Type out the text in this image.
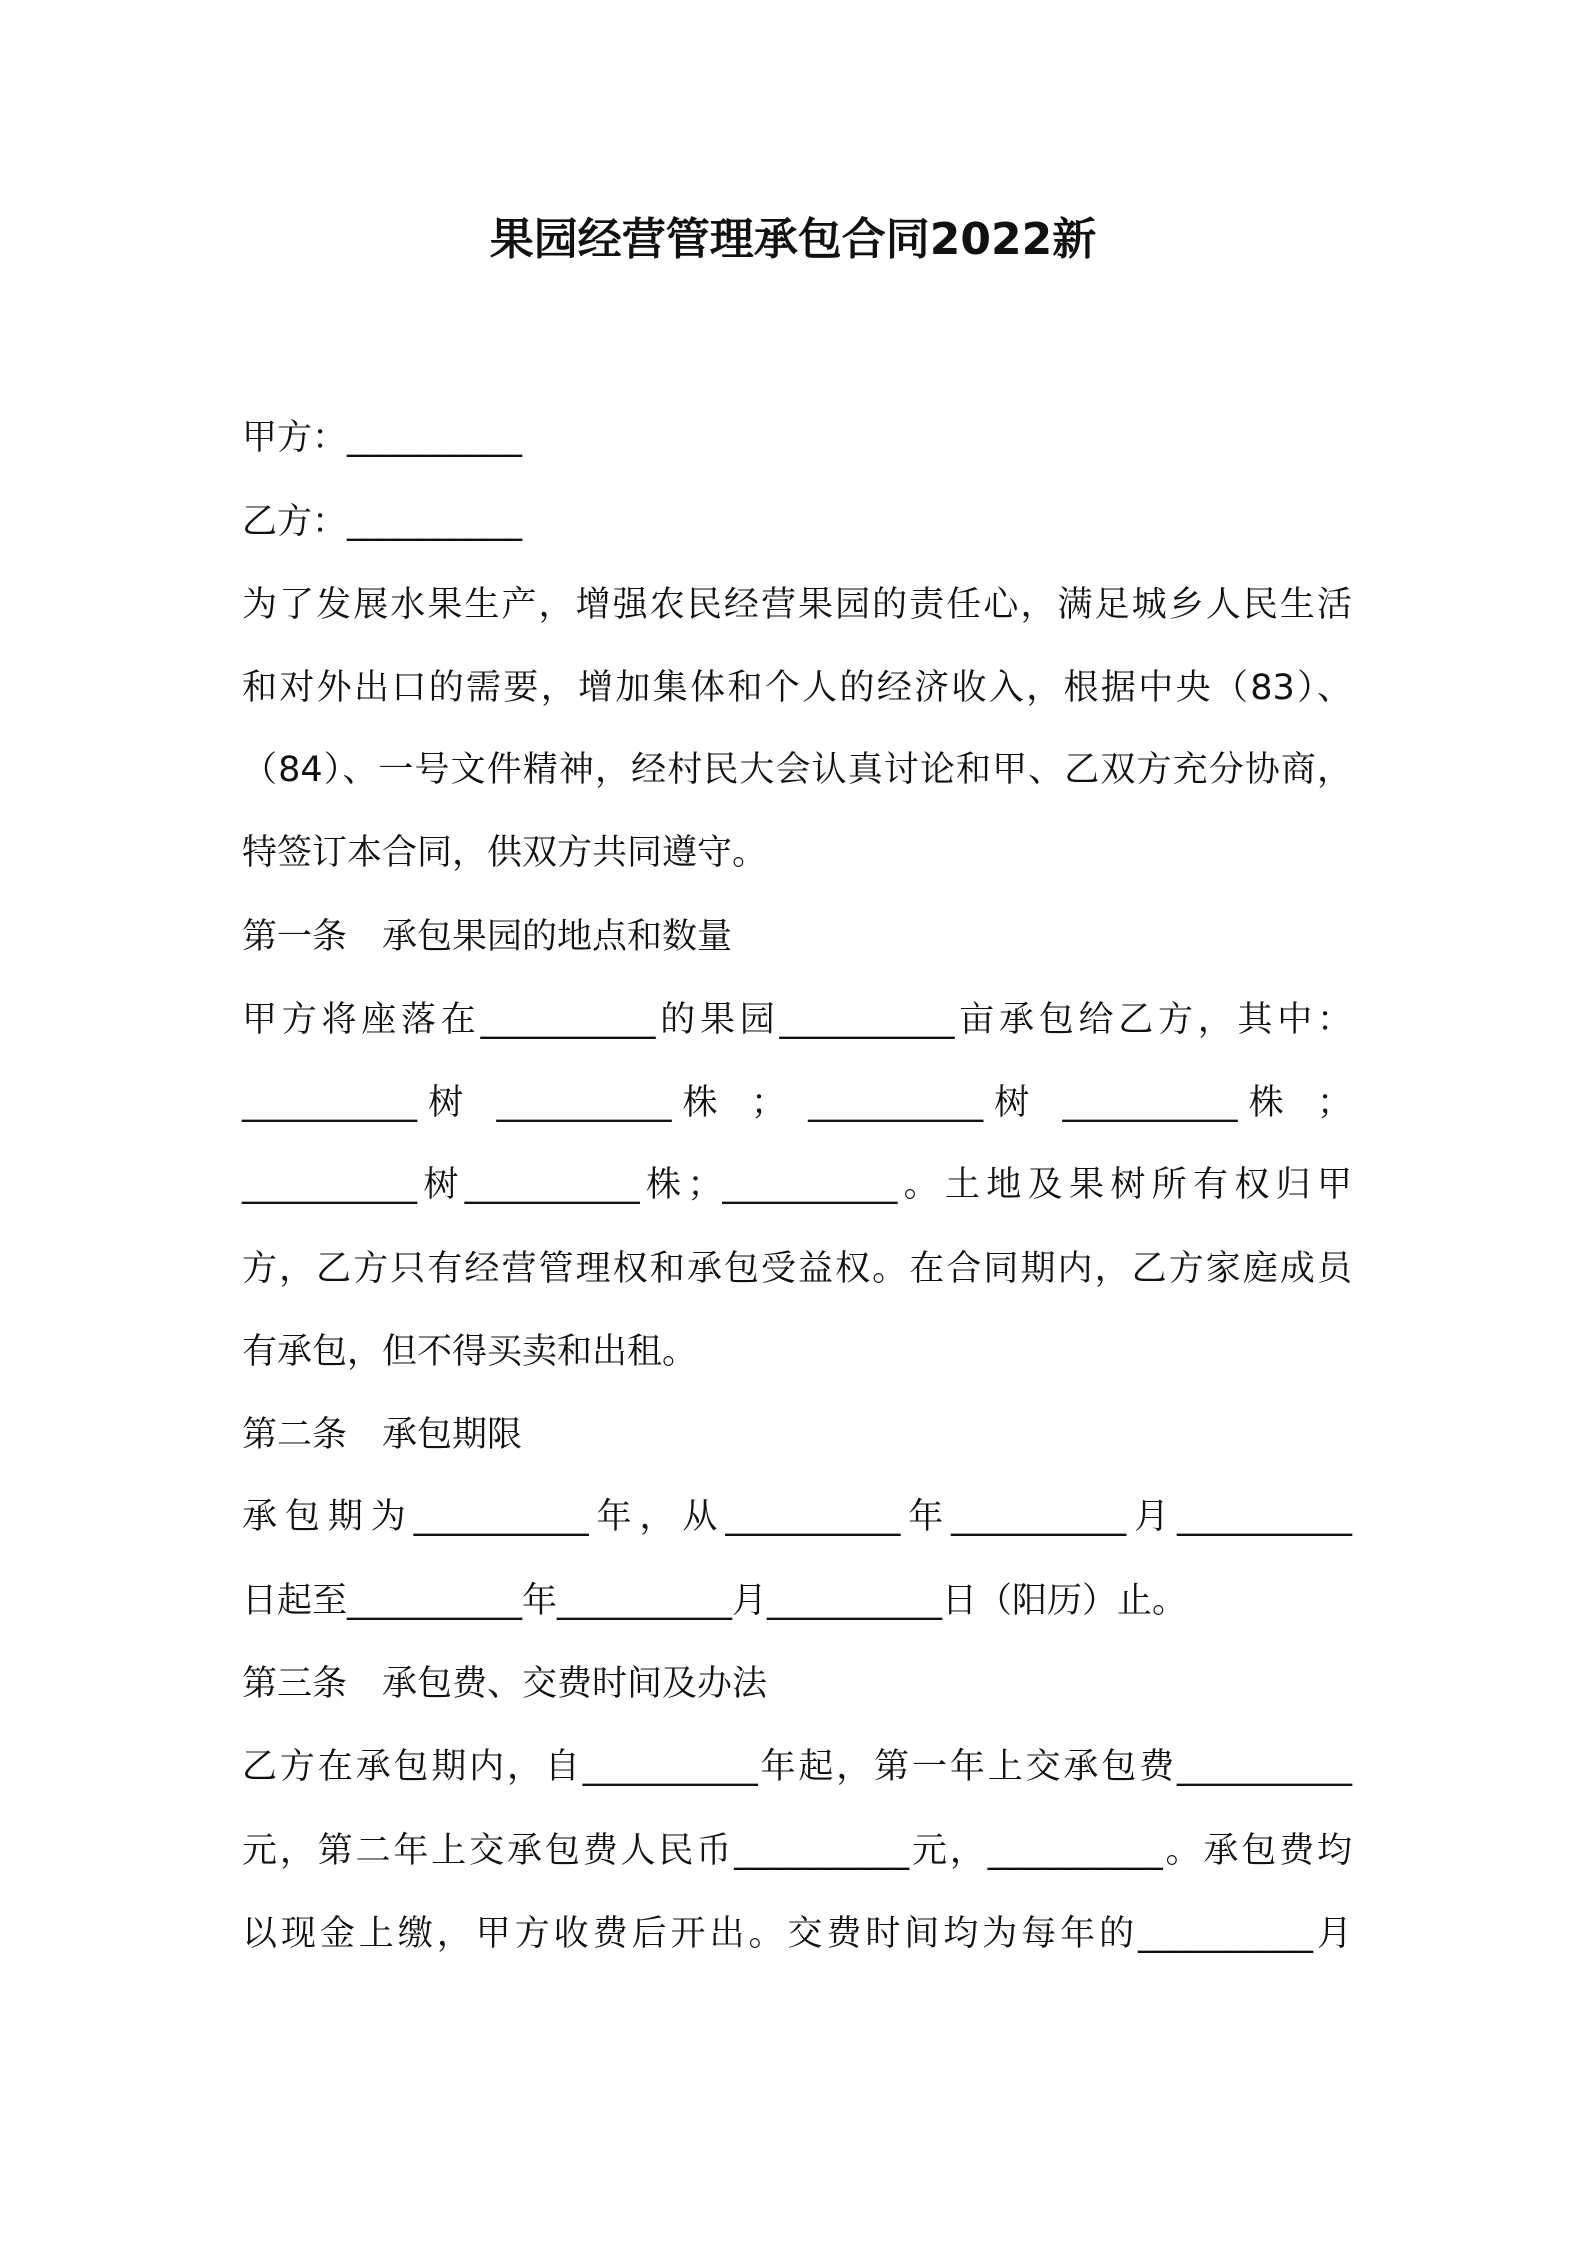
果园经营管理承包合同2022新

甲方：__________

乙方：__________

为了发展水果生产，增强农民经营果园的责任心，满足城乡人民生活

和对外出口的需要，增加集体和个人的经济收入，根据中央（83）、

（84）、一号文件精神，经村民大会认真讨论和甲、乙双方充分协商，

特签订本合同，供双方共同遵守。

第一条　承包果园的地点和数量

甲方将座落在__________的果园__________亩承包给乙方，其中：

__________树 __________株 ； __________树 __________株 ；

__________树__________株；__________。土地及果树所有权归甲

方，乙方只有经营管理权和承包受益权。在合同期内，乙方家庭成员

有承包，但不得买卖和出租。

第二条　承包期限

承包期为__________年，从__________年__________月__________

日起至__________年__________月__________日（阳历）止。

第三条　承包费、交费时间及办法

乙方在承包期内，自__________年起，第一年上交承包费__________

元，第二年上交承包费人民币__________元，__________。承包费均

以现金上缴，甲方收费后开出。交费时间均为每年的__________月
